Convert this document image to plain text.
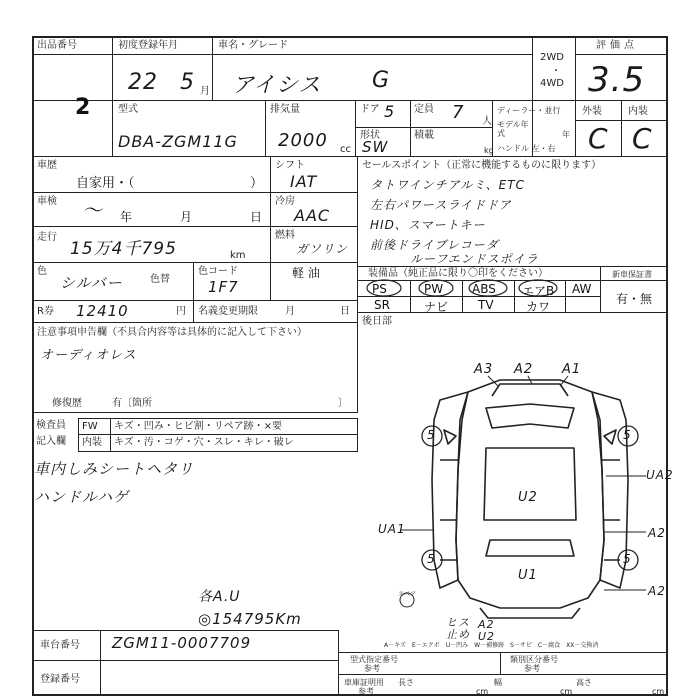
出品番号
2
初度登録年月
22 5 月
車名・グレード
アイシス G
2WD
・
4WD
評価点
3.5
型式
DBA-ZGM11G
排気量
2000 cc
ドア 5 定員 7 人
形状
SW
積載
kg
ディーラー・並行
モデル年式	年
ハンドル 左・右
外装	内装
C C
車歴
自家用・（	）
車検 ～ 年	月	日
走行
15万4千795	km
色
シルバー	色替
色コード
1F7
シフト
IAT
冷房
AAC
燃料
ガソリン
軽 油
R券 12410	円 名義変更期限	月	日
セールスポイント（正常に機能するものに限ります）
タトワインチアルミ、ETC
左右パワースライドドア
HID、スマートキー
前後ドライブレコーダ
ルーフエンドスポイラ
装備品（純正品に限り〇印をください）	新車保証書
PS	PW ABS エアB AW
SR	ナビ TV	カワ
有・無
後日部
注意事項申告欄（不具合内容等は具体的に記入して下さい）
オーディオレス
修復歴	有〔箇所	〕
検査員
記入欄
FW キズ・凹み・ヒビ割・リペア跡・×要
内装 キズ・汚・コゲ・穴・スレ・キレ・破レ
車内しみシートヘタリ
ハンドルハゲ
各A.U
◎154795Km
A3 A2 A1
UA2
A2
A2
UA1
U2
U1
5	5
5	5
ヒス
止め
A2
U2
スペア
A－キズ　E－エクボ　U－凹み　W－補修跡　S－サビ　C－腐食　XX－交換済
車台番号 ZGM11-0007709
登録番号
型式指定番号
参考
類別区分番号
参考
車庫証明用
参考
長さ
cm
幅
cm
高さ
cm
